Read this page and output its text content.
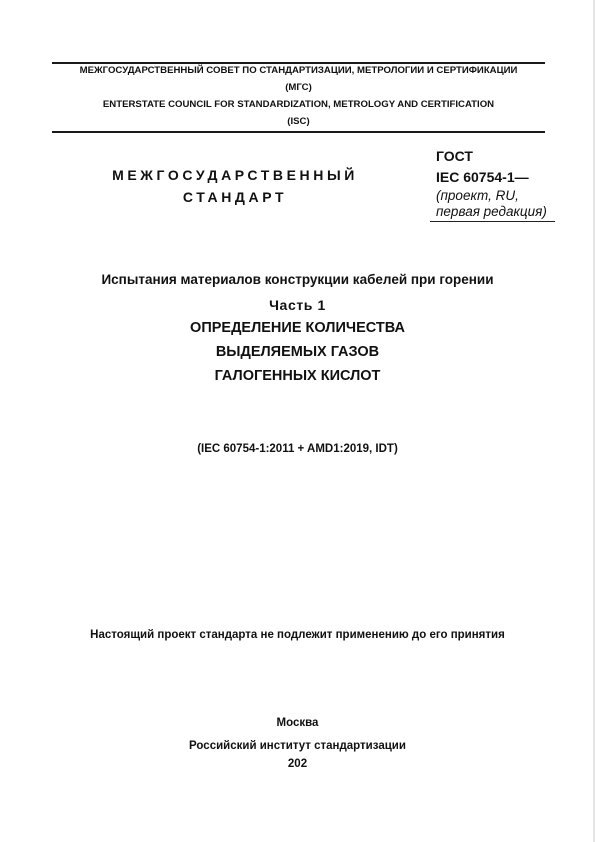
МЕЖГОСУДАРСТВЕННЫЙ СОВЕТ ПО СТАНДАРТИЗАЦИИ, МЕТРОЛОГИИ И СЕРТИФИКАЦИИ
(МГС)
ENTERSTATE COUNCIL FOR STANDARDIZATION, METROLOGY AND CERTIFICATION
(ISC)
МЕЖГОСУДАРСТВЕННЫЙ
СТАНДАРТ
ГОСТ
IEC 60754-1—
(проект, RU,
первая редакция)
Испытания материалов конструкции кабелей при горении
Часть 1
ОПРЕДЕЛЕНИЕ КОЛИЧЕСТВА
ВЫДЕЛЯЕМЫХ ГАЗОВ
ГАЛОГЕННЫХ КИСЛОТ
(IEC 60754-1:2011 + AMD1:2019, IDT)
Настоящий проект стандарта не подлежит применению до его принятия
Москва
Российский институт стандартизации
202
